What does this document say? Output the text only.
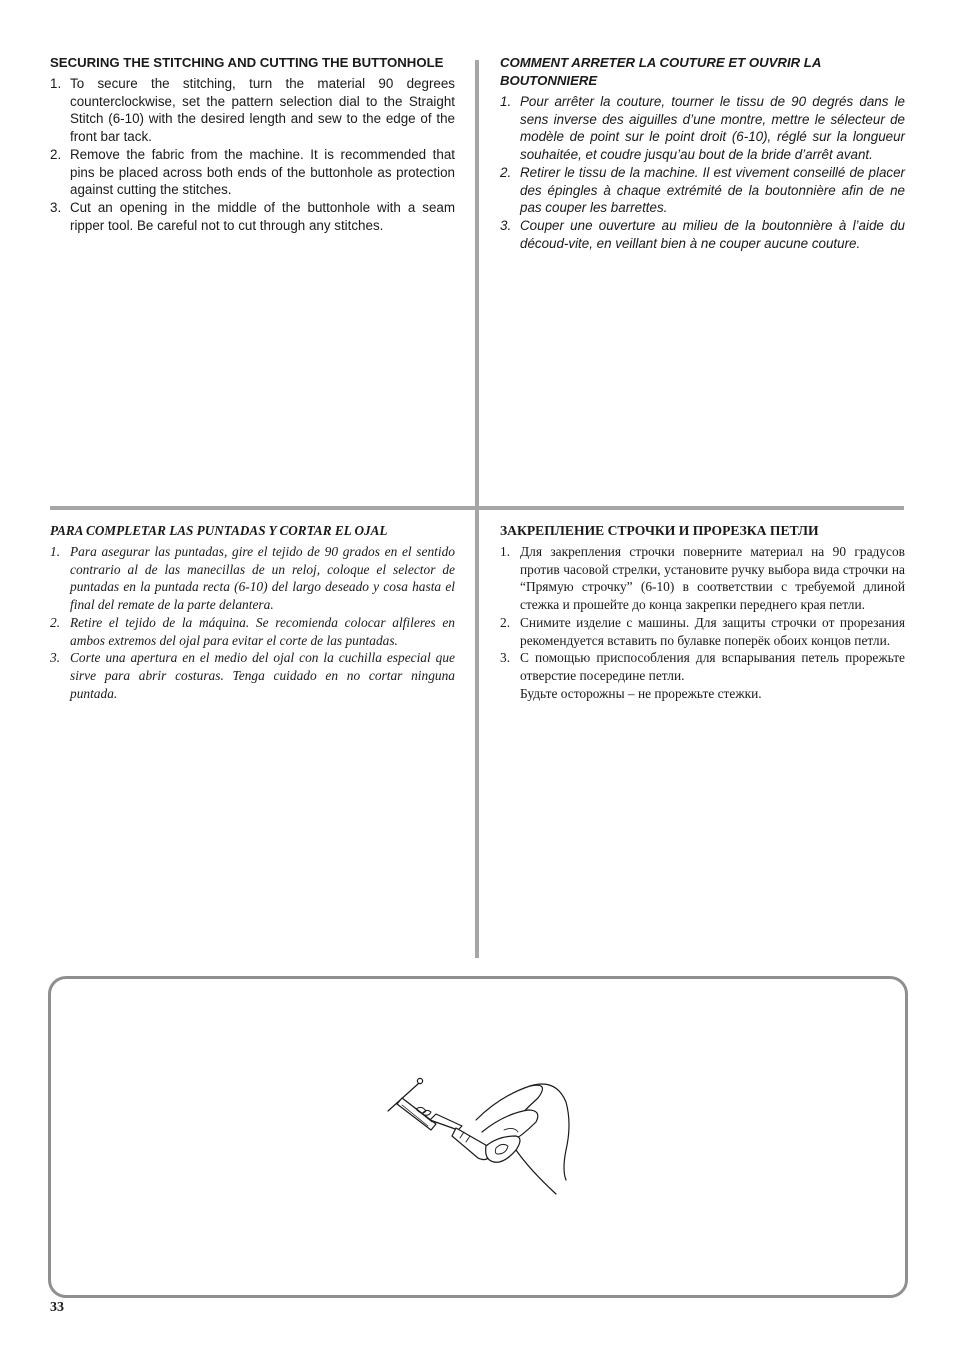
SECURING THE STITCHING AND CUTTING THE BUTTONHOLE
1. To secure the stitching, turn the material 90 degrees counterclockwise, set the pattern selection dial to the Straight Stitch (6-10) with the desired length and sew to the edge of the front bar tack.
2. Remove the fabric from the machine. It is recommended that pins be placed across both ends of the buttonhole as protection against cutting the stitches.
3. Cut an opening in the middle of the buttonhole with a seam ripper tool. Be careful not to cut through any stitches.
COMMENT ARRETER LA COUTURE ET OUVRIR LA BOUTONNIERE
1. Pour arrêter la couture, tourner le tissu de 90 degrés dans le sens inverse des aiguilles d’une montre, mettre le sélecteur de modèle de point sur le point droit (6-10), réglé sur la longueur souhaitée, et coudre jusqu’au bout de la bride d’arrêt avant.
2. Retirer le tissu de la machine. Il est vivement conseillé de placer des épingles à chaque extrémité de la boutonnière afin de ne pas couper les barrettes.
3. Couper une ouverture au milieu de la boutonnière à l’aide du découd-vite, en veillant bien à ne couper aucune couture.
PARA COMPLETAR LAS PUNTADAS Y CORTAR EL OJAL
1. Para asegurar las puntadas, gire el tejido de 90 grados en el sentido contrario al de las manecillas de un reloj, coloque el selector de puntadas en la puntada recta (6-10) del largo deseado y cosa hasta el final del remate de la parte delantera.
2. Retire el tejido de la máquina. Se recomienda colocar alfileres en ambos extremos del ojal para evitar el corte de las puntadas.
3. Corte una apertura en el medio del ojal con la cuchilla especial que sirve para abrir costuras. Tenga cuidado en no cortar ninguna puntada.
ЗАКРЕПЛЕНИЕ СТРОЧКИ И ПРОРЕЗКА ПЕТЛИ
1. Для закрепления строчки поверните материал на 90 градусов против часовой стрелки, установите ручку выбора вида строчки на “Прямую строчку” (6-10) в соответствии с требуемой длиной стежка и прошейте до конца закрепки переднего края петли.
2. Снимите изделие с машины. Для защиты строчки от прорезания рекомендуется вставить по булавке поперёк обоих концов петли.
3. С помощью приспособления для вспарывания петель прорежьте отверстие посередине петли.
Будьте осторожны – не прорежьте стежки.
33
